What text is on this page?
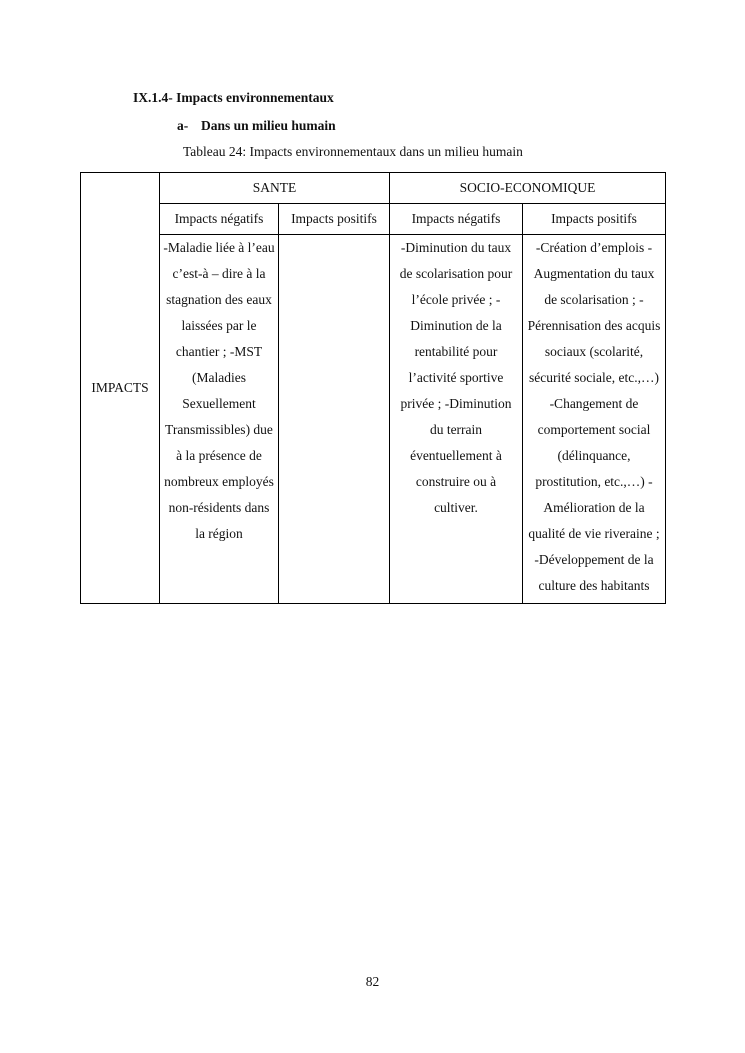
IX.1.4- Impacts environnementaux
a- Dans un milieu humain
Tableau 24: Impacts environnementaux dans un milieu humain
IMPACTS	SANTE		SOCIO-ECONOMIQUE	
	Impacts négatifs	Impacts positifs	Impacts négatifs	Impacts positifs

	-Maladie liée à l’eau c’est-à – dire à la stagnation des eaux laissées par le chantier ; -MST (Maladies Sexuellement Transmissibles) due à la présence de nombreux employés non-résidents dans la région		-Diminution du taux de scolarisation pour l’école privée ; -Diminution de la rentabilité pour l’activité sportive privée ; -Diminution du terrain éventuellement à construire ou à cultiver.	-Création d’emplois -Augmentation du taux de scolarisation ; -Pérennisation des acquis sociaux (scolarité, sécurité sociale, etc.,…) -Changement de comportement social (délinquance, prostitution, etc.,…) -Amélioration de la qualité de vie riveraine ; -Développement de la culture des habitants
82
